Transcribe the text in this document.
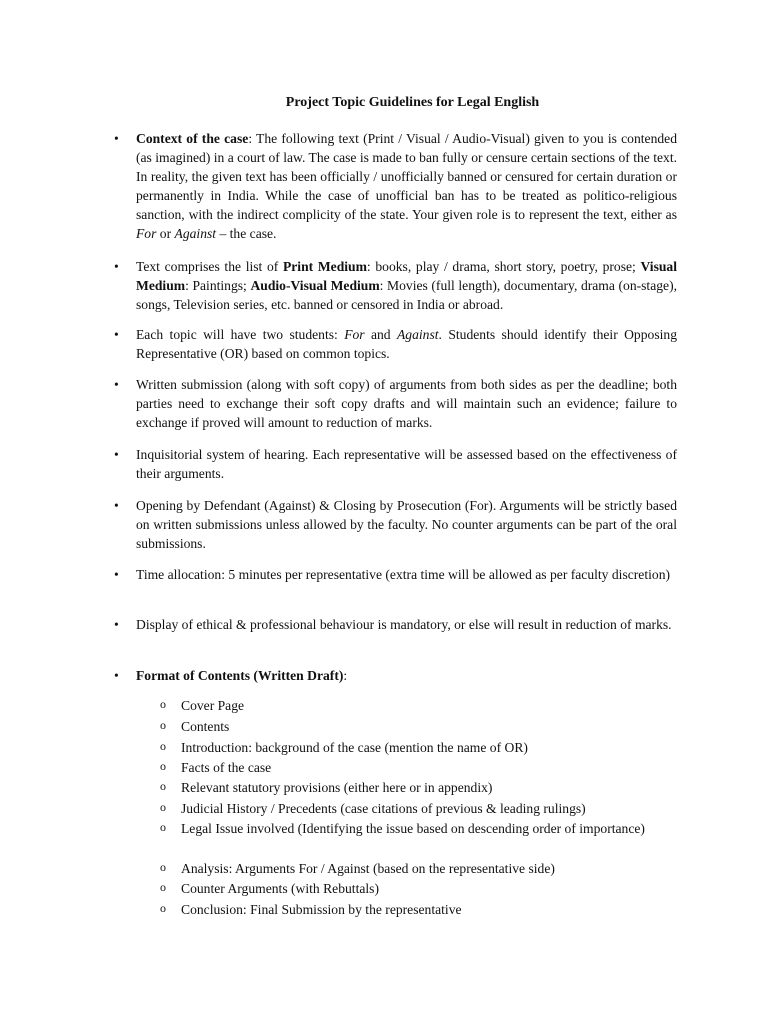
Project Topic Guidelines for Legal English

• Context of the case: The following text (Print / Visual / Audio-Visual) given to you is contended (as imagined) in a court of law. The case is made to ban fully or censure certain sections of the text. In reality, the given text has been officially / unofficially banned or censured for certain duration or permanently in India. While the case of unofficial ban has to be treated as politico-religious sanction, with the indirect complicity of the state. Your given role is to represent the text, either as For or Against – the case.

• Text comprises the list of Print Medium: books, play / drama, short story, poetry, prose; Visual Medium: Paintings; Audio-Visual Medium: Movies (full length), documentary, drama (on-stage), songs, Television series, etc. banned or censored in India or abroad.

• Each topic will have two students: For and Against. Students should identify their Opposing Representative (OR) based on common topics.

• Written submission (along with soft copy) of arguments from both sides as per the deadline; both parties need to exchange their soft copy drafts and will maintain such an evidence; failure to exchange if proved will amount to reduction of marks.

• Inquisitorial system of hearing. Each representative will be assessed based on the effectiveness of their arguments.

• Opening by Defendant (Against) & Closing by Prosecution (For). Arguments will be strictly based on written submissions unless allowed by the faculty. No counter arguments can be part of the oral submissions.

• Time allocation: 5 minutes per representative (extra time will be allowed as per faculty discretion)

• Display of ethical & professional behaviour is mandatory, or else will result in reduction of marks.

• Format of Contents (Written Draft):

o Cover Page

o Contents

o Introduction: background of the case (mention the name of OR)

o Facts of the case

o Relevant statutory provisions (either here or in appendix)

o Judicial History / Precedents (case citations of previous & leading rulings)

o Legal Issue involved (Identifying the issue based on descending order of importance)

o Analysis: Arguments For / Against (based on the representative side)

o Counter Arguments (with Rebuttals)

o Conclusion: Final Submission by the representative
